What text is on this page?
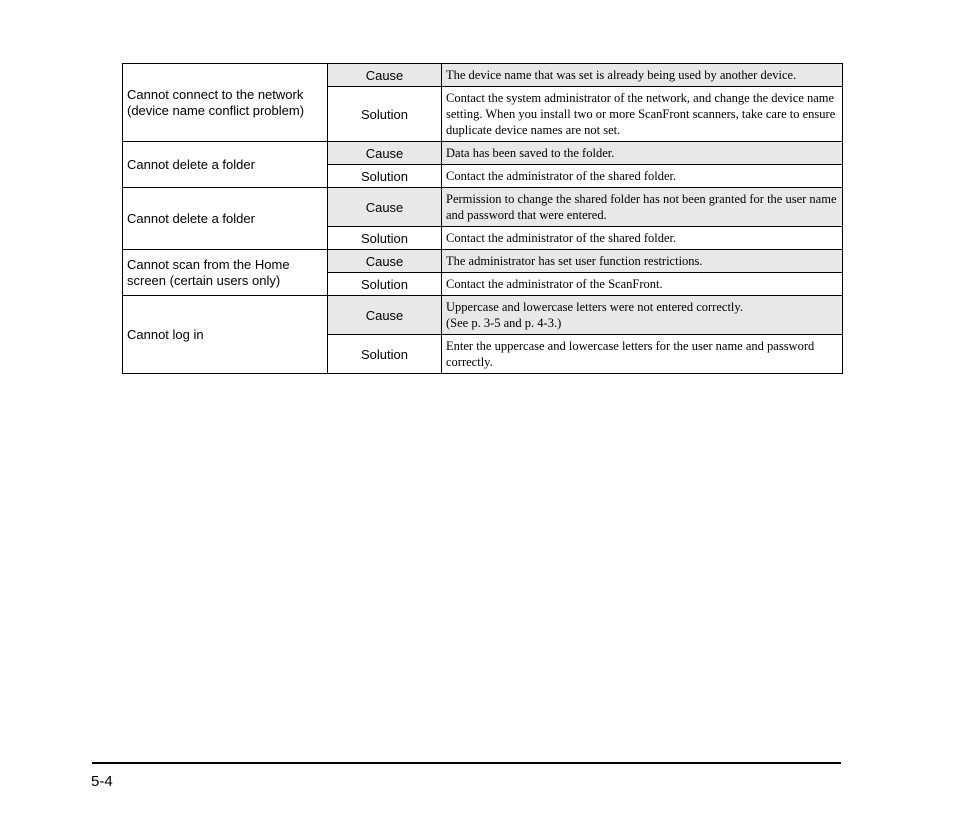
Cannot connect to the network (device name conflict problem)	Cause	The device name that was set is already being used by another device.
	Solution	Contact the system administrator of the network, and change the device name setting. When you install two or more ScanFront scanners, take care to ensure duplicate device names are not set.
Cannot delete a folder	Cause	Data has been saved to the folder.
	Solution	Contact the administrator of the shared folder.
Cannot delete a folder	Cause	Permission to change the shared folder has not been granted for the user name and password that were entered.
	Solution	Contact the administrator of the shared folder.
Cannot scan from the Home screen (certain users only)	Cause	The administrator has set user function restrictions.
	Solution	Contact the administrator of the ScanFront.
Cannot log in	Cause	Uppercase and lowercase letters were not entered correctly.
(See p. 3-5 and p. 4-3.)
	Solution	Enter the uppercase and lowercase letters for the user name and password correctly.
5-4
